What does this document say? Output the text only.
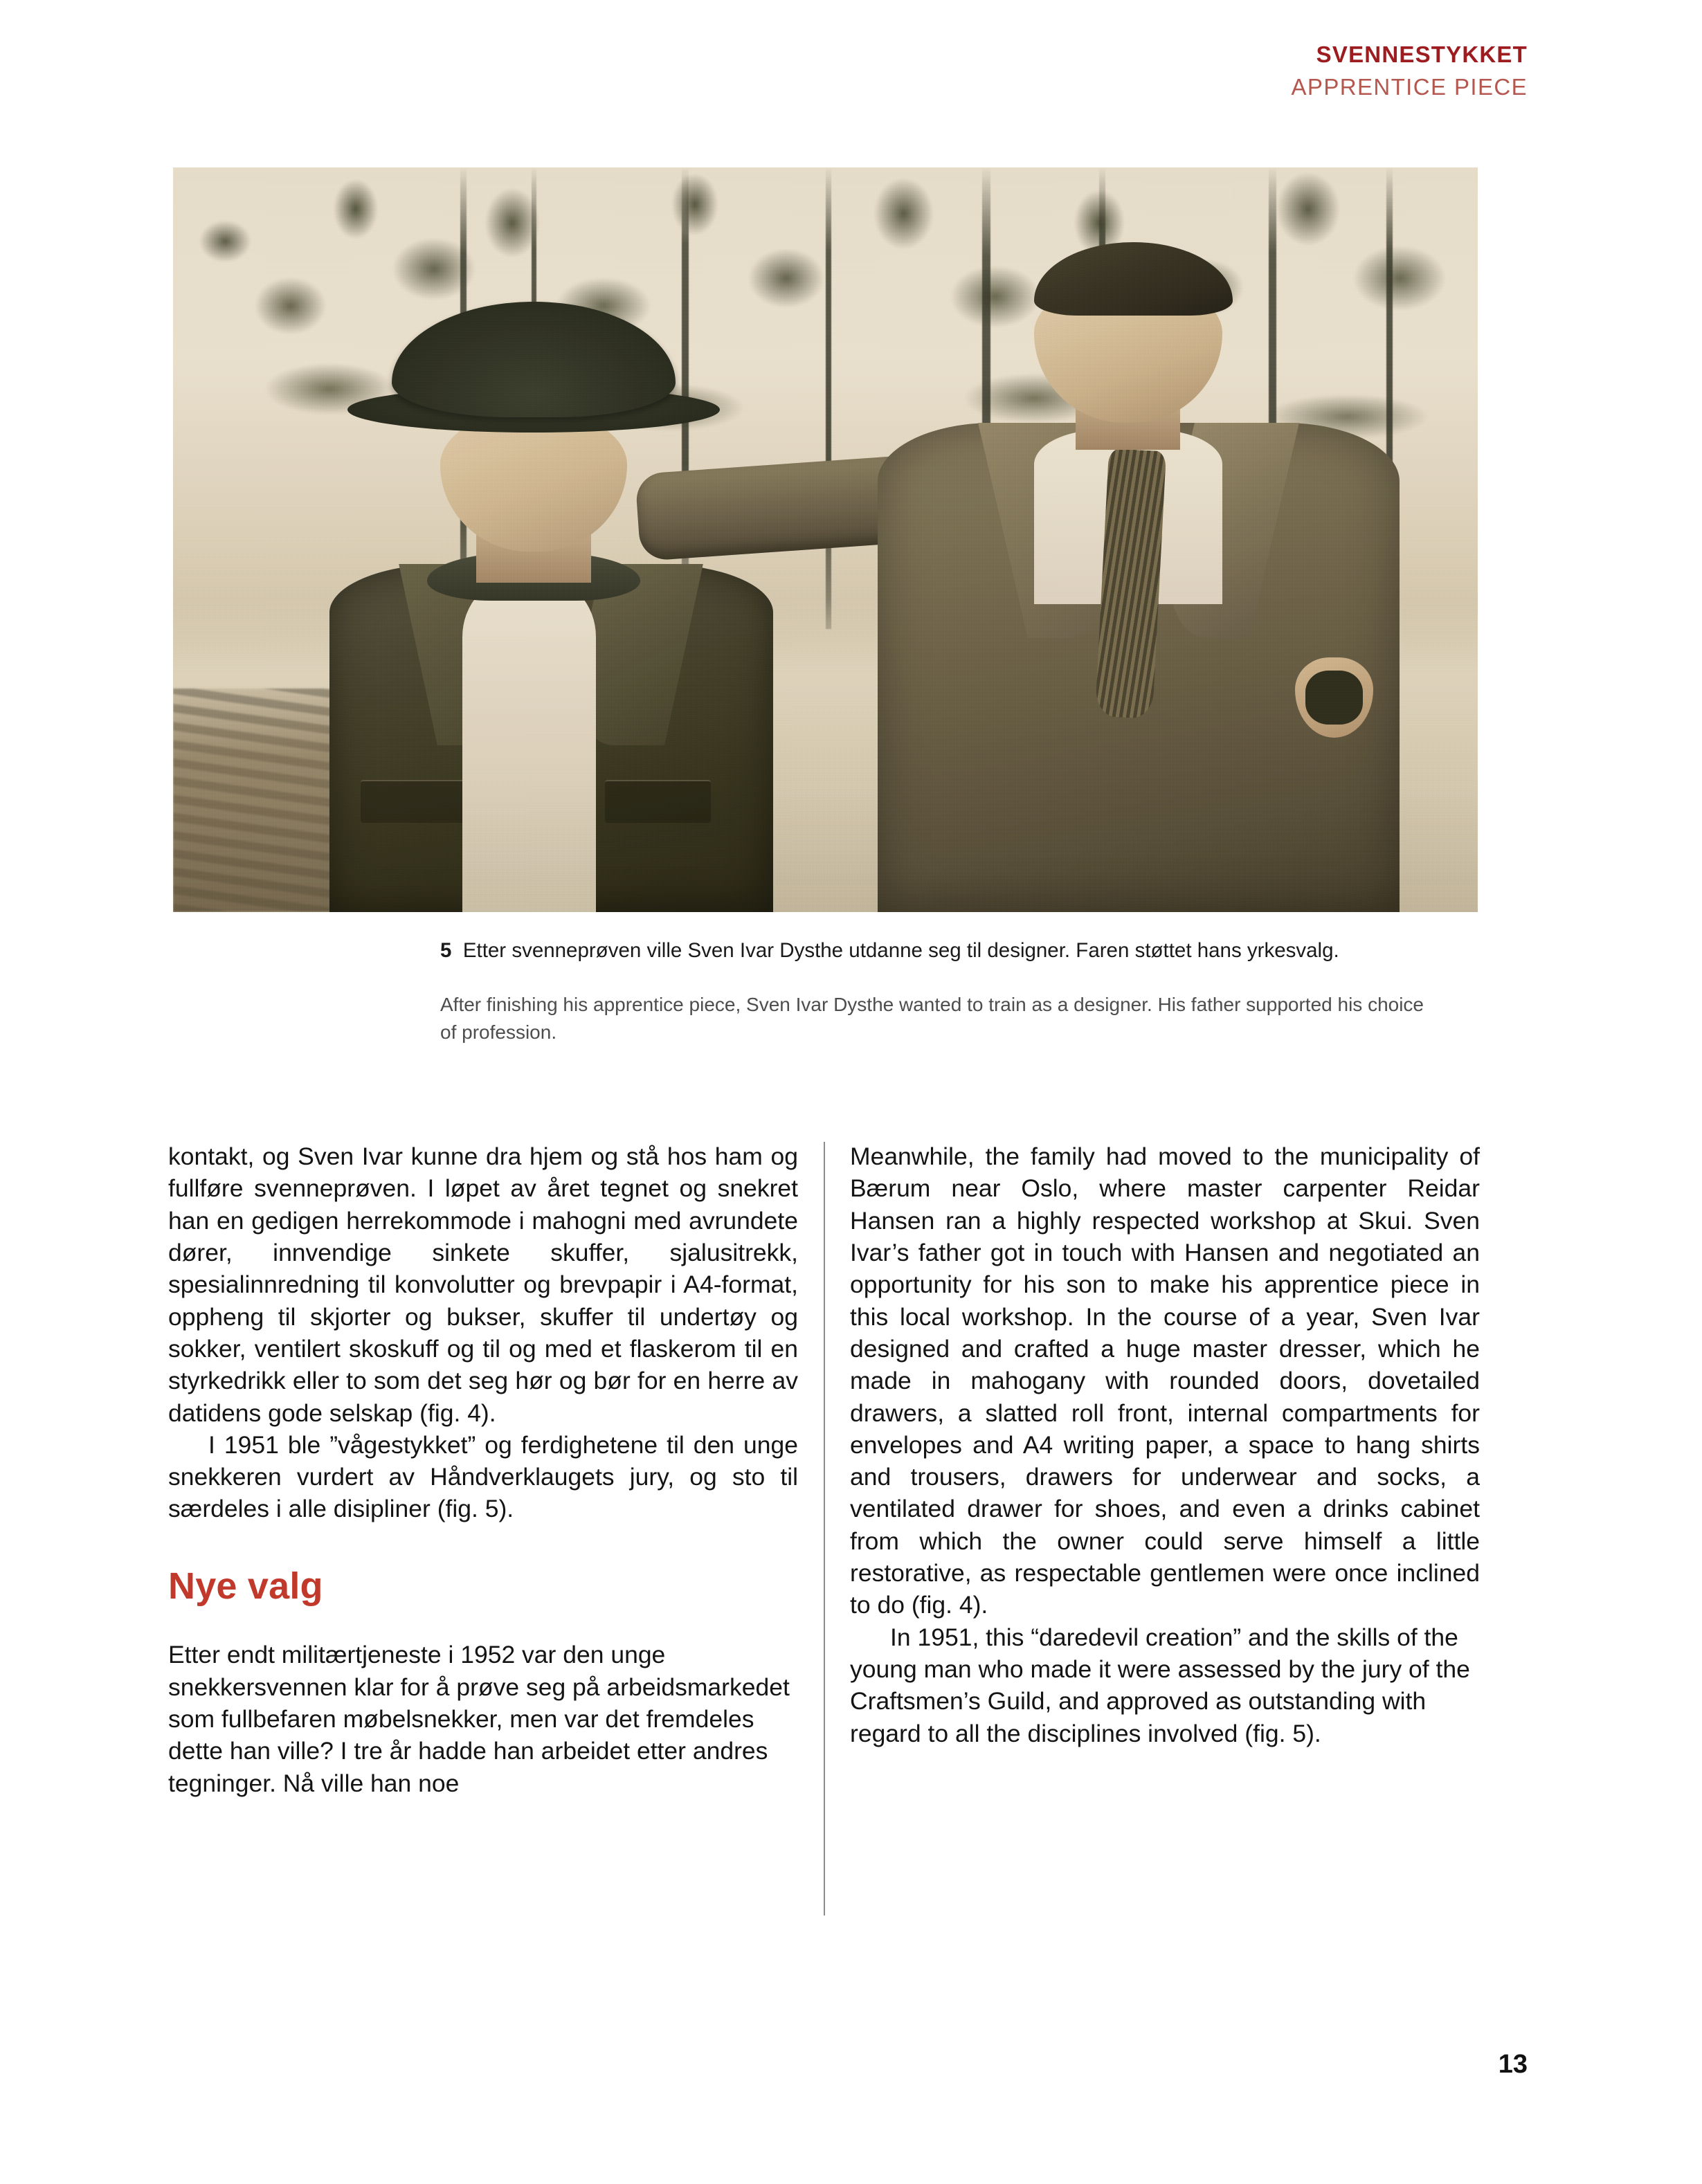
SVENNESTYKKET
APPRENTICE PIECE

5 Etter svenneprøven ville Sven Ivar Dysthe utdanne seg til designer. Faren støttet hans yrkesvalg.

After finishing his apprentice piece, Sven Ivar Dysthe wanted to train as a designer. His father supported his choice of profession.

kontakt, og Sven Ivar kunne dra hjem og stå hos ham og fullføre svenneprøven. I løpet av året tegnet og snekret han en gedigen herrekommode i mahogni med avrundete dører, innvendige sinkete skuffer, sjalusitrekk, spesialinnredning til konvolutter og brevpapir i A4-format, oppheng til skjorter og bukser, skuffer til undertøy og sokker, ventilert skoskuff og til og med et flaskerom til en styrkedrikk eller to som det seg hør og bør for en herre av datidens gode selskap (fig. 4).

I 1951 ble ”vågestykket” og ferdighetene til den unge snekkeren vurdert av Håndverklaugets jury, og sto til særdeles i alle disipliner (fig. 5).

Nye valg

Etter endt militærtjeneste i 1952 var den unge snekkersvennen klar for å prøve seg på arbeidsmarkedet som fullbefaren møbelsnekker, men var det fremdeles dette han ville? I tre år hadde han arbeidet etter andres tegninger. Nå ville han noe

Meanwhile, the family had moved to the municipality of Bærum near Oslo, where master carpenter Reidar Hansen ran a highly respected workshop at Skui. Sven Ivar’s father got in touch with Hansen and negotiated an opportunity for his son to make his apprentice piece in this local workshop. In the course of a year, Sven Ivar designed and crafted a huge master dresser, which he made in mahogany with rounded doors, dovetailed drawers, a slatted roll front, internal compartments for envelopes and A4 writing paper, a space to hang shirts and trousers, drawers for underwear and socks, a ventilated drawer for shoes, and even a drinks cabinet from which the owner could serve himself a little restorative, as respectable gentlemen were once inclined to do (fig. 4).

In 1951, this “daredevil creation” and the skills of the young man who made it were assessed by the jury of the Craftsmen’s Guild, and approved as outstanding with regard to all the disciplines involved (fig. 5).

13
